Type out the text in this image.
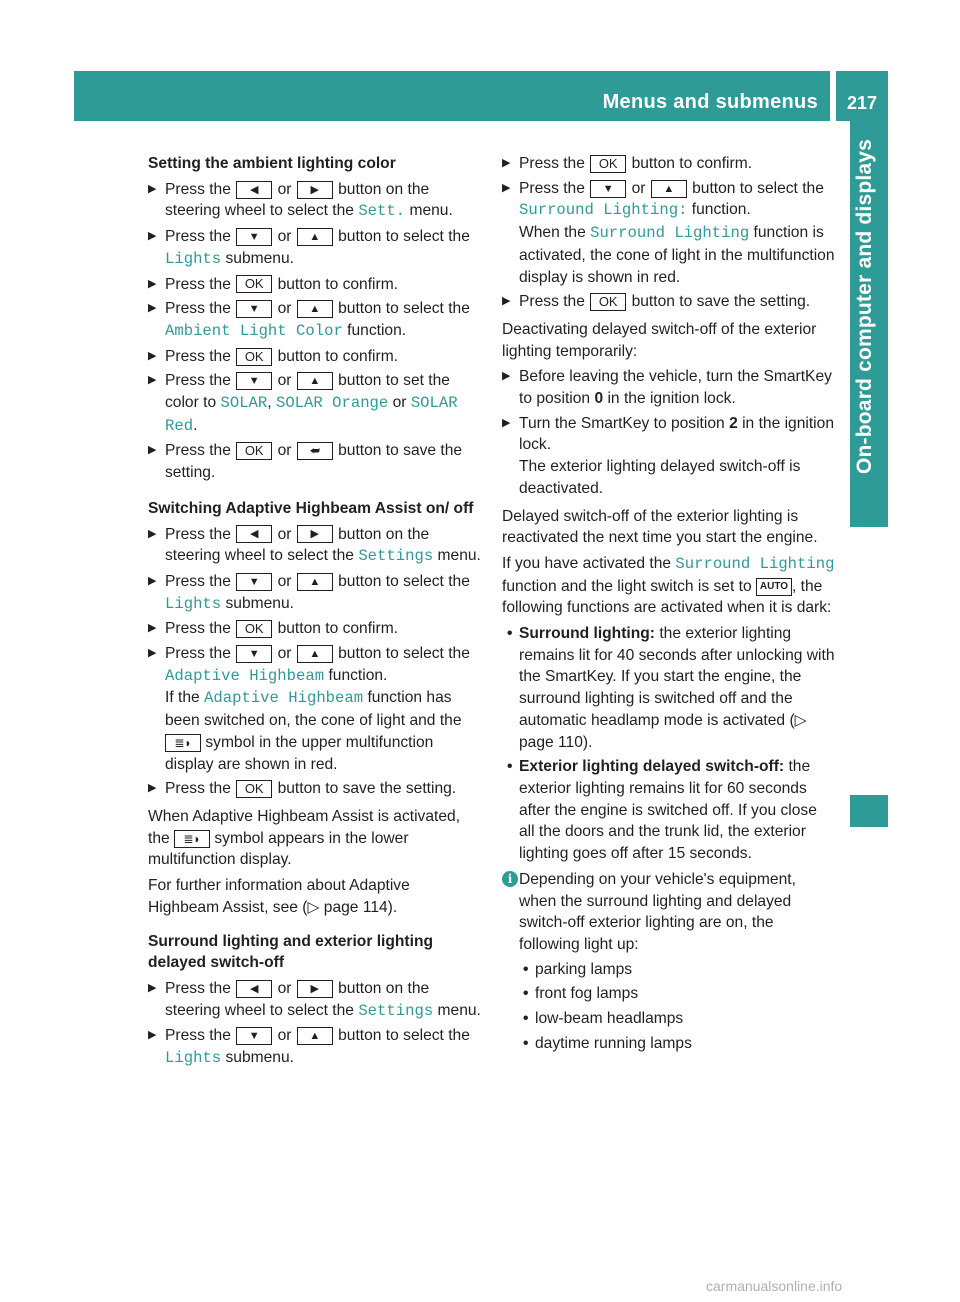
Menus and submenus	217
On-board computer and displays
Setting the ambient lighting color
▶ Press the ◀ or ▶ button on the steering wheel to select the Sett. menu.
▶ Press the ▼ or ▲ button to select the Lights submenu.
▶ Press the OK button to confirm.
▶ Press the ▼ or ▲ button to select the Ambient Light Color function.
▶ Press the OK button to confirm.
▶ Press the ▼ or ▲ button to set the color to SOLAR, SOLAR Orange or SOLAR Red.
▶ Press the OK or ⮨ button to save the setting.
Switching Adaptive Highbeam Assist on/ off
▶ Press the ◀ or ▶ button on the steering wheel to select the Settings menu.
▶ Press the ▼ or ▲ button to select the Lights submenu.
▶ Press the OK button to confirm.
▶ Press the ▼ or ▲ button to select the Adaptive Highbeam function.
If the Adaptive Highbeam function has been switched on, the cone of light and the ≣◗ symbol in the upper multifunction display are shown in red.
▶ Press the OK button to save the setting.
When Adaptive Highbeam Assist is activated, the ≣◗ symbol appears in the lower multifunction display.
For further information about Adaptive Highbeam Assist, see (▷ page 114).
Surround lighting and exterior lighting delayed switch-off
▶ Press the ◀ or ▶ button on the steering wheel to select the Settings menu.
▶ Press the ▼ or ▲ button to select the Lights submenu.
▶ Press the OK button to confirm.
▶ Press the ▼ or ▲ button to select the Surround Lighting: function.
When the Surround Lighting function is activated, the cone of light in the multifunction display is shown in red.
▶ Press the OK button to save the setting.
Deactivating delayed switch-off of the exterior lighting temporarily:
▶ Before leaving the vehicle, turn the SmartKey to position 0 in the ignition lock.
▶ Turn the SmartKey to position 2 in the ignition lock.
The exterior lighting delayed switch-off is deactivated.
Delayed switch-off of the exterior lighting is reactivated the next time you start the engine.
If you have activated the Surround Lighting function and the light switch is set to AUTO , the following functions are activated when it is dark:
• Surround lighting: the exterior lighting remains lit for 40 seconds after unlocking with the SmartKey. If you start the engine, the surround lighting is switched off and the automatic headlamp mode is activated (▷ page 110).
• Exterior lighting delayed switch-off: the exterior lighting remains lit for 60 seconds after the engine is switched off. If you close all the doors and the trunk lid, the exterior lighting goes off after 15 seconds.
i Depending on your vehicle's equipment, when the surround lighting and delayed switch-off exterior lighting are on, the following light up:
• parking lamps
• front fog lamps
• low-beam headlamps
• daytime running lamps
carmanualsonline.info
